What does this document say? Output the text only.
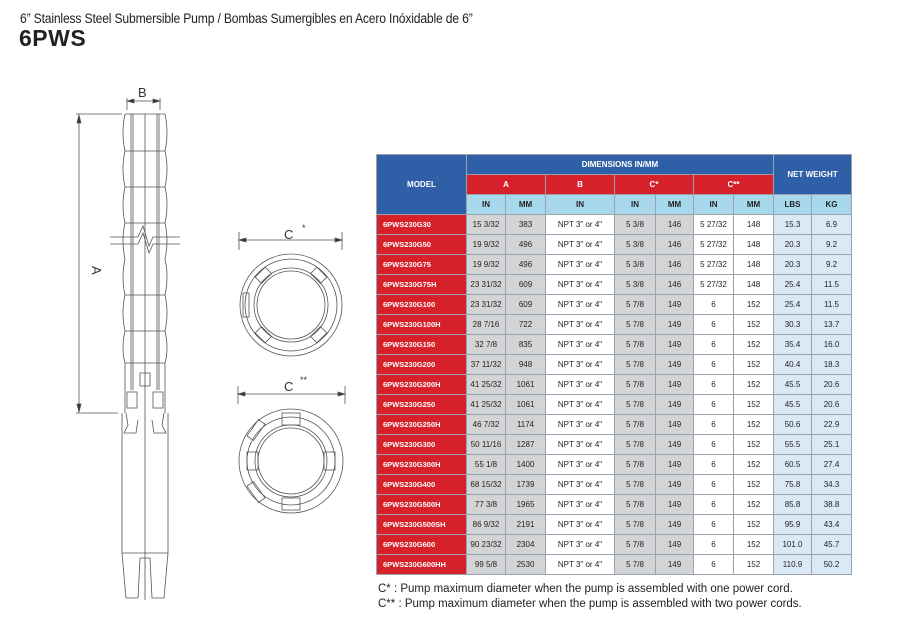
6” Stainless Steel Submersible Pump / Bombas Sumergibles en Acero Inóxidable de 6”
6PWS
B
A
C *
C **
MODEL	DIMENSIONS IN/MM							NET WEIGHT	
	A		B	C*		C**			
	IN	MM	IN	IN	MM	IN	MM	LBS	KG
6PWS230G30	15 3/32	383	NPT 3" or 4"	5 3/8	146	5 27/32	148	15.3	6.9
6PWS230G50	19 9/32	496	NPT 3" or 4"	5 3/8	146	5 27/32	148	20.3	9.2
6PWS230G75	19 9/32	496	NPT 3" or 4"	5 3/8	146	5 27/32	148	20.3	9.2
6PWS230G75H	23 31/32	609	NPT 3" or 4"	5 3/8	146	5 27/32	148	25.4	11.5
6PWS230G100	23 31/32	609	NPT 3" or 4"	5 7/8	149	6	152	25.4	11.5
6PWS230G100H	28 7/16	722	NPT 3" or 4"	5 7/8	149	6	152	30.3	13.7
6PWS230G150	32 7/8	835	NPT 3" or 4"	5 7/8	149	6	152	35.4	16.0
6PWS230G200	37 11/32	948	NPT 3" or 4"	5 7/8	149	6	152	40.4	18.3
6PWS230G200H	41 25/32	1061	NPT 3" or 4"	5 7/8	149	6	152	45.5	20.6
6PWS230G250	41 25/32	1061	NPT 3" or 4"	5 7/8	149	6	152	45.5	20.6
6PWS230G250H	46 7/32	1174	NPT 3" or 4"	5 7/8	149	6	152	50.6	22.9
6PWS230G300	50 11/16	1287	NPT 3" or 4"	5 7/8	149	6	152	55.5	25.1
6PWS230G300H	55 1/8	1400	NPT 3" or 4"	5 7/8	149	6	152	60.5	27.4
6PWS230G400	68 15/32	1739	NPT 3" or 4"	5 7/8	149	6	152	75.8	34.3
6PWS230G500H	77 3/8	1965	NPT 3" or 4"	5 7/8	149	6	152	85.8	38.8
6PWS230G500SH	86 9/32	2191	NPT 3" or 4"	5 7/8	149	6	152	95.9	43.4
6PWS230G600	90 23/32	2304	NPT 3" or 4"	5 7/8	149	6	152	101.0	45.7
6PWS230G600HH	99 5/8	2530	NPT 3" or 4"	5 7/8	149	6	152	110.9	50.2
C* : Pump maximum diameter when the pump is assembled with one power cord.
C** : Pump maximum diameter when the pump is assembled with two power cords.
